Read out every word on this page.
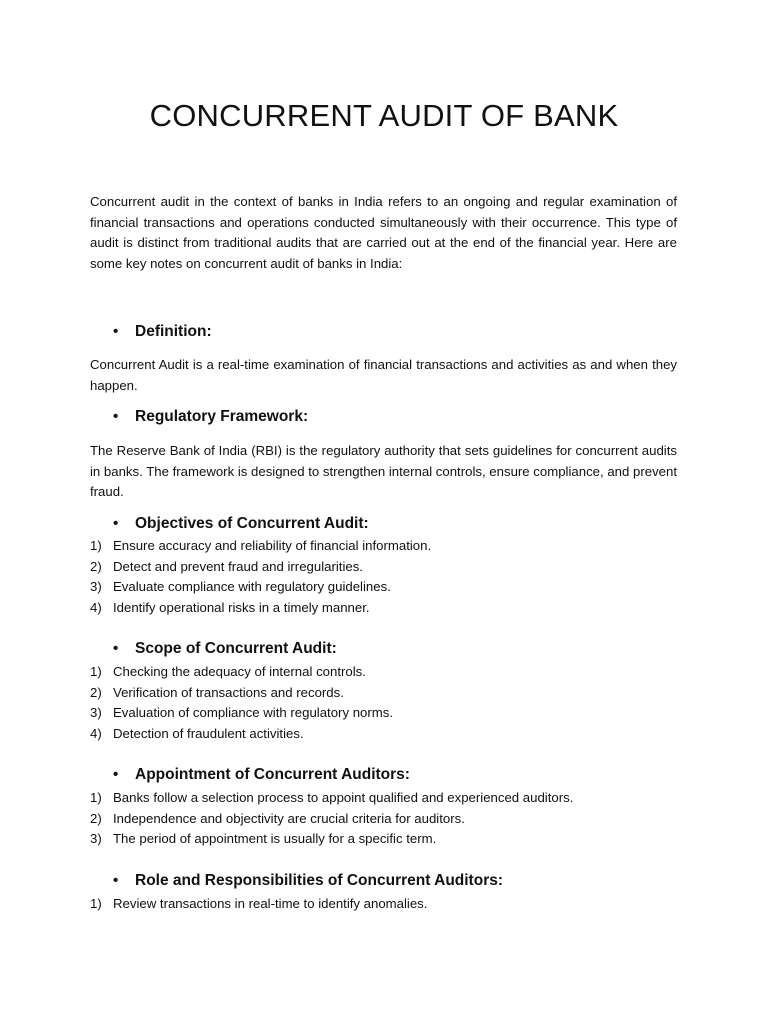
CONCURRENT AUDIT OF BANK

Concurrent audit in the context of banks in India refers to an ongoing and regular examination of financial transactions and operations conducted simultaneously with their occurrence. This type of audit is distinct from traditional audits that are carried out at the end of the financial year. Here are some key notes on concurrent audit of banks in India:

• Definition:

Concurrent Audit is a real-time examination of financial transactions and activities as and when they happen.

• Regulatory Framework:

The Reserve Bank of India (RBI) is the regulatory authority that sets guidelines for concurrent audits in banks. The framework is designed to strengthen internal controls, ensure compliance, and prevent fraud.

• Objectives of Concurrent Audit:
1) Ensure accuracy and reliability of financial information.
2) Detect and prevent fraud and irregularities.
3) Evaluate compliance with regulatory guidelines.
4) Identify operational risks in a timely manner.
• Scope of Concurrent Audit:
1) Checking the adequacy of internal controls.
2) Verification of transactions and records.
3) Evaluation of compliance with regulatory norms.
4) Detection of fraudulent activities.
• Appointment of Concurrent Auditors:
1) Banks follow a selection process to appoint qualified and experienced auditors.
2) Independence and objectivity are crucial criteria for auditors.
3) The period of appointment is usually for a specific term.
• Role and Responsibilities of Concurrent Auditors:
1) Review transactions in real-time to identify anomalies.
